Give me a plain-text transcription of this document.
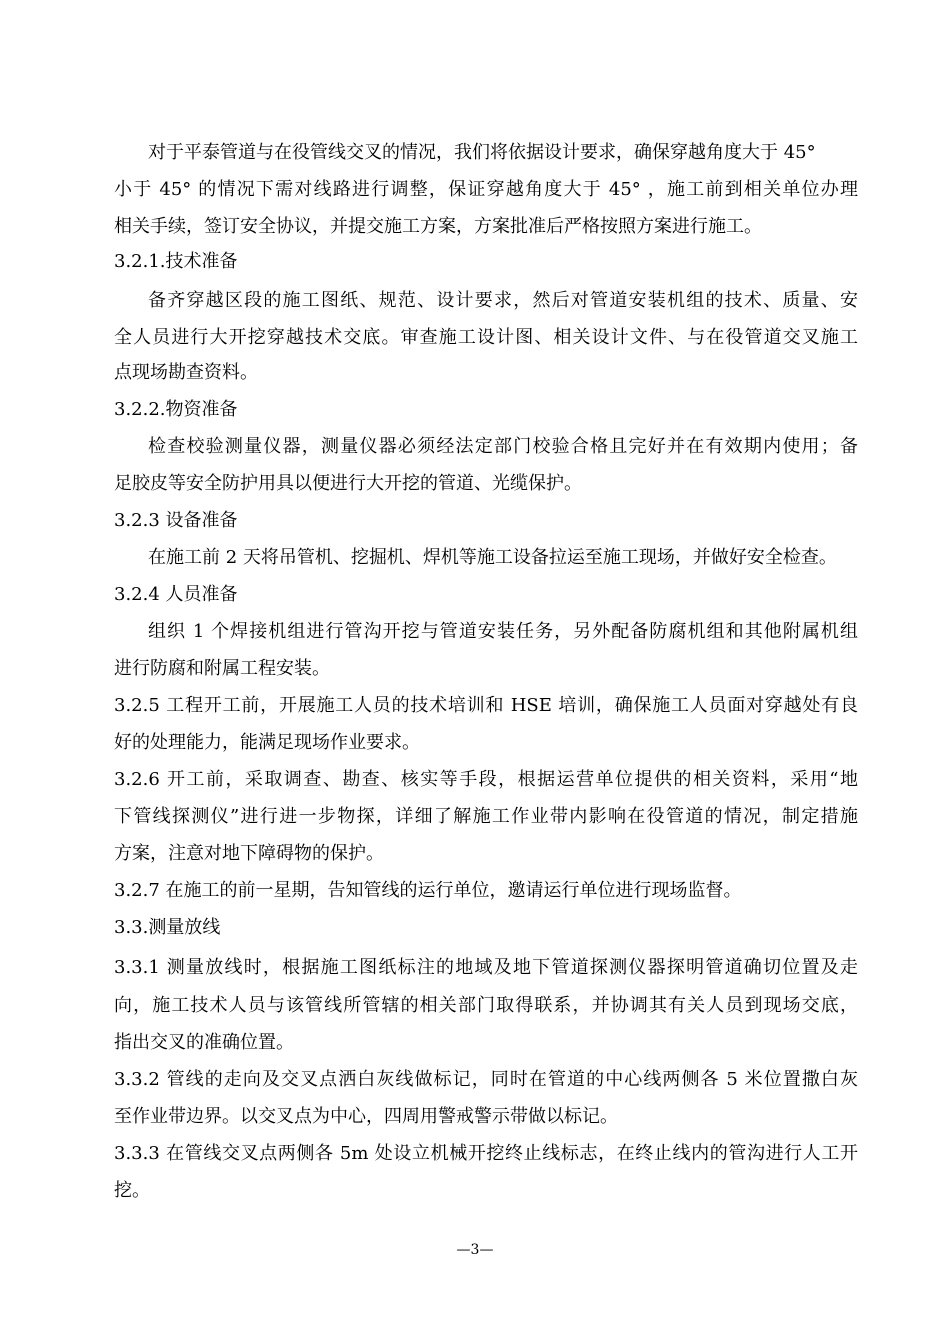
对于平泰管道与在役管线交叉的情况，我们将依据设计要求，确保穿越角度大于 45°
小于 45° 的情况下需对线路进行调整，保证穿越角度大于 45° ，施工前到相关单位办理
相关手续，签订安全协议，并提交施工方案，方案批准后严格按照方案进行施工。
3.2.1.技术准备
备齐穿越区段的施工图纸、规范、设计要求，然后对管道安装机组的技术、质量、安
全人员进行大开挖穿越技术交底。审查施工设计图、相关设计文件、与在役管道交叉施工
点现场勘查资料。
3.2.2.物资准备
检查校验测量仪器，测量仪器必须经法定部门校验合格且完好并在有效期内使用；备
足胶皮等安全防护用具以便进行大开挖的管道、光缆保护。
3.2.3 设备准备
在施工前 2 天将吊管机、挖掘机、焊机等施工设备拉运至施工现场，并做好安全检查。
3.2.4 人员准备
组织 1 个焊接机组进行管沟开挖与管道安装任务，另外配备防腐机组和其他附属机组
进行防腐和附属工程安装。
3.2.5 工程开工前，开展施工人员的技术培训和 HSE 培训，确保施工人员面对穿越处有良
好的处理能力，能满足现场作业要求。
3.2.6 开工前，采取调查、勘查、核实等手段，根据运营单位提供的相关资料，采用“地
下管线探测仪”进行进一步物探，详细了解施工作业带内影响在役管道的情况，制定措施
方案，注意对地下障碍物的保护。
3.2.7 在施工的前一星期，告知管线的运行单位，邀请运行单位进行现场监督。
3.3.测量放线
3.3.1 测量放线时，根据施工图纸标注的地域及地下管道探测仪器探明管道确切位置及走
向，施工技术人员与该管线所管辖的相关部门取得联系，并协调其有关人员到现场交底，
指出交叉的准确位置。
3.3.2 管线的走向及交叉点洒白灰线做标记，同时在管道的中心线两侧各 5 米位置撒白灰
至作业带边界。以交叉点为中心，四周用警戒警示带做以标记。
3.3.3 在管线交叉点两侧各 5m 处设立机械开挖终止线标志，在终止线内的管沟进行人工开
挖。
—3—
